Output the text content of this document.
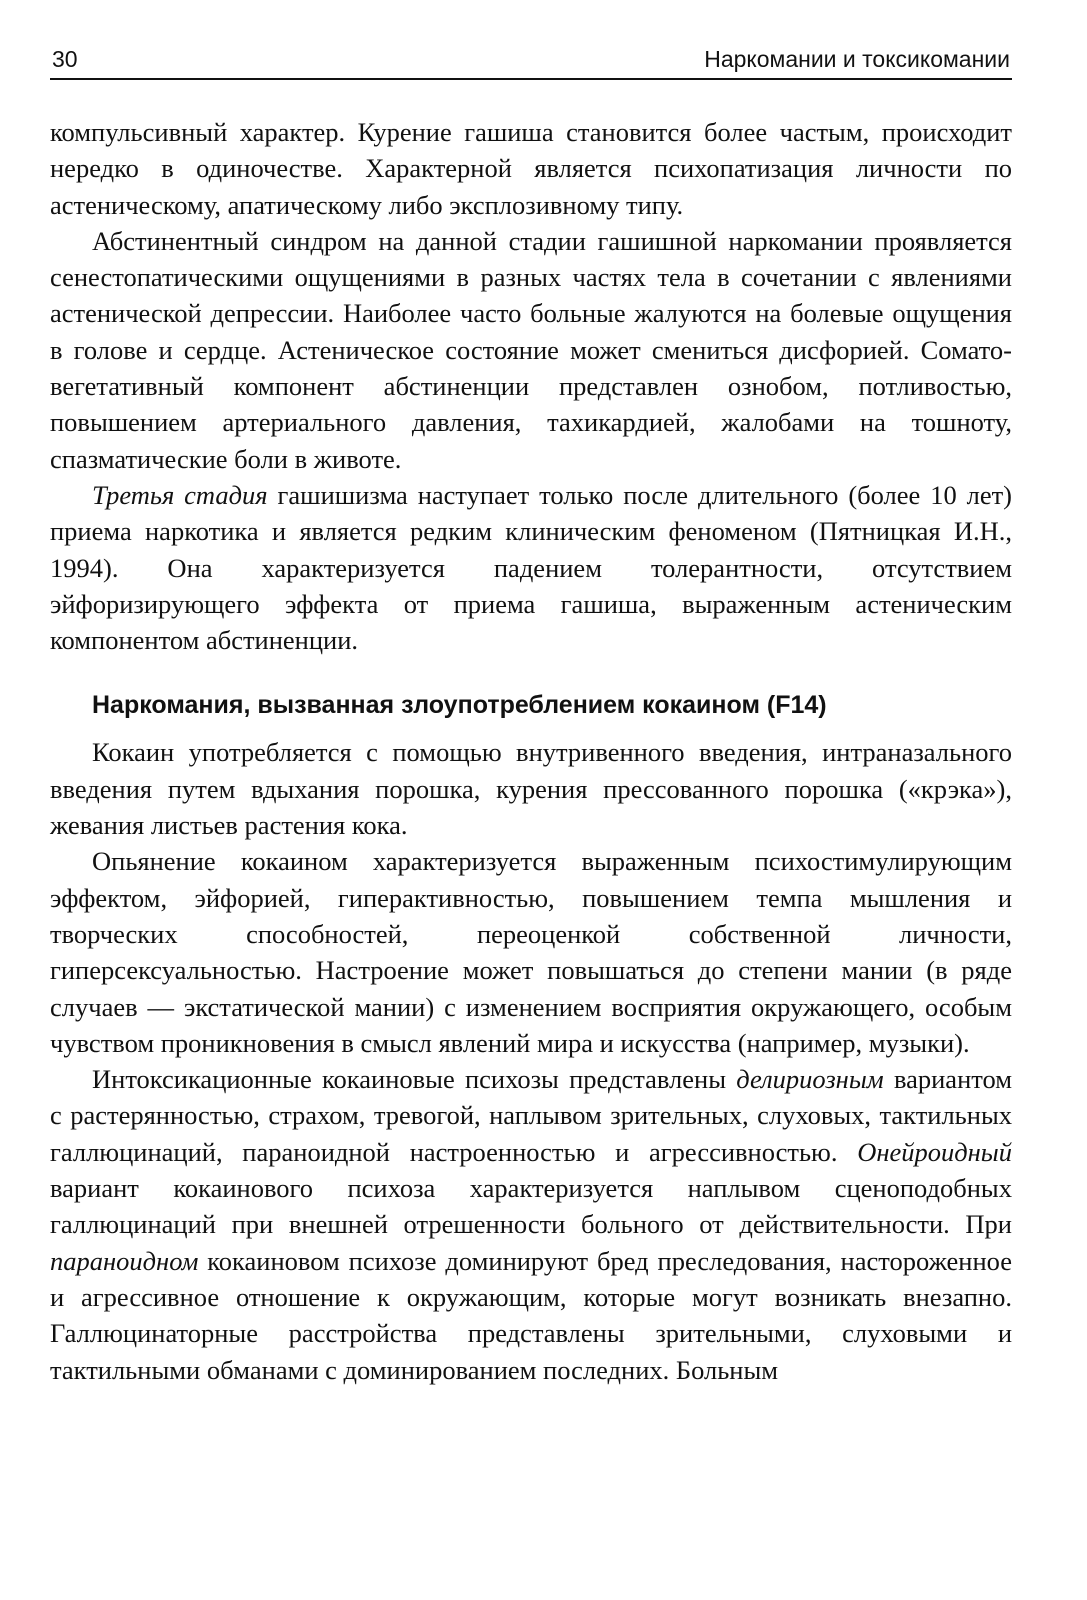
30	Наркомании и токсикомании

компульсивный характер. Курение гашиша становится более частым, происходит нередко в одиночестве. Характерной является психопатизация личности по астеническому, апатическому либо эксплозивному типу.

Абстинентный синдром на данной стадии гашишной наркомании проявляется сенестопатическими ощущениями в разных частях тела в сочетании с явлениями астенической депрессии. Наиболее часто больные жалуются на болевые ощущения в голове и сердце. Астеническое состояние может смениться дисфорией. Сомато-вегетативный компонент абстиненции представлен ознобом, потливостью, повышением артериального давления, тахикардией, жалобами на тошноту, спазматические боли в животе.

Третья стадия гашишизма наступает только после длительного (более 10 лет) приема наркотика и является редким клиническим феноменом (Пятницкая И.Н., 1994). Она характеризуется падением толерантности, отсутствием эйфоризирующего эффекта от приема гашиша, выраженным астеническим компонентом абстиненции.

Наркомания, вызванная злоупотреблением кокаином (F14)

Кокаин употребляется с помощью внутривенного введения, интраназального введения путем вдыхания порошка, курения прессованного порошка («крэка»), жевания листьев растения кока.

Опьянение кокаином характеризуется выраженным психостимулирующим эффектом, эйфорией, гиперактивностью, повышением темпа мышления и творческих способностей, переоценкой собственной личности, гиперсексуальностью. Настроение может повышаться до степени мании (в ряде случаев — экстатической мании) с изменением восприятия окружающего, особым чувством проникновения в смысл явлений мира и искусства (например, музыки).

Интоксикационные кокаиновые психозы представлены делириозным вариантом с растерянностью, страхом, тревогой, наплывом зрительных, слуховых, тактильных галлюцинаций, параноидной настроенностью и агрессивностью. Онейроидный вариант кокаинового психоза характеризуется наплывом сценоподобных галлюцинаций при внешней отрешенности больного от действительности. При параноидном кокаиновом психозе доминируют бред преследования, настороженное и агрессивное отношение к окружающим, которые могут возникать внезапно. Галлюцинаторные расстройства представлены зрительными, слуховыми и тактильными обманами с доминированием последних. Больным
